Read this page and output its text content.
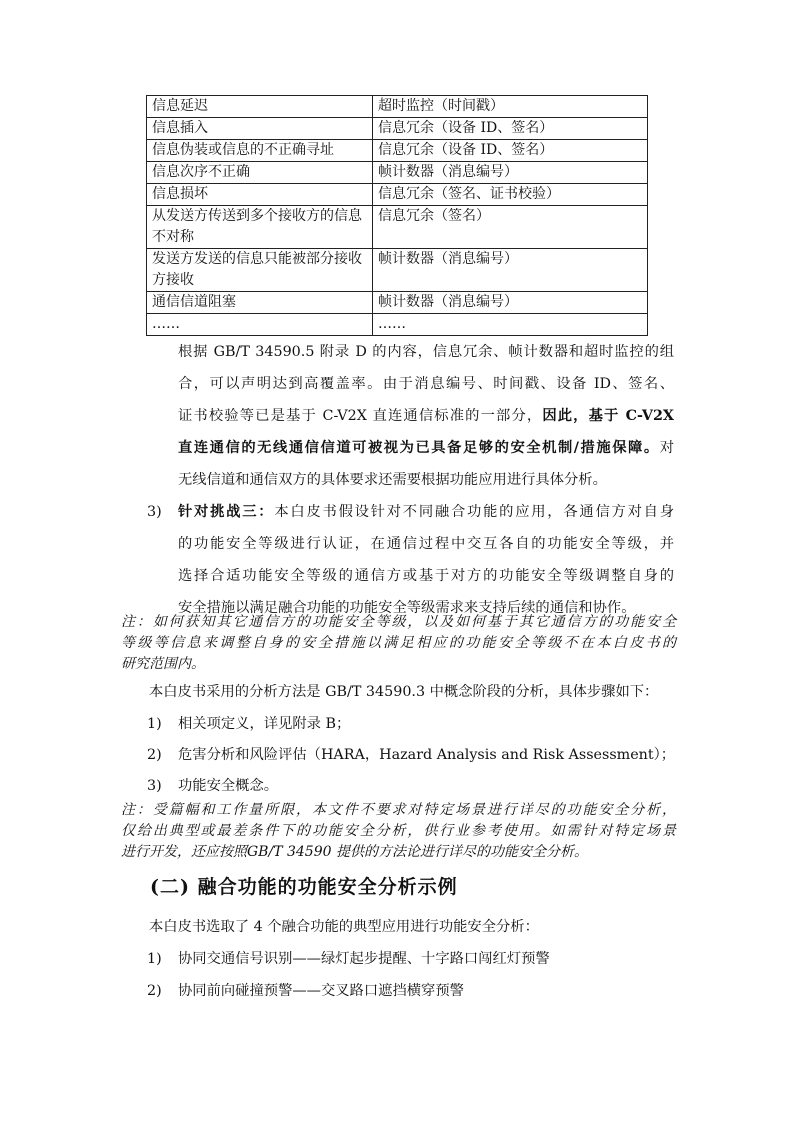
信息延迟	超时监控（时间戳）
信息插入	信息冗余（设备 ID、签名）
信息伪装或信息的不正确寻址	信息冗余（设备 ID、签名）
信息次序不正确	帧计数器（消息编号）
信息损坏	信息冗余（签名、证书校验）
从发送方传送到多个接收方的信息不对称	信息冗余（签名）
发送方发送的信息只能被部分接收方接收	帧计数器（消息编号）
通信信道阻塞	帧计数器（消息编号）
……	……
根据 GB/T 34590.5 附录 D 的内容，信息冗余、帧计数器和超时监控的组
合，可以声明达到高覆盖率。由于消息编号、时间戳、设备 ID、签名、
证书校验等已是基于 C-V2X 直连通信标准的一部分，因此，基于 C-V2X
直连通信的无线通信信道可被视为已具备足够的安全机制/措施保障。对
无线信道和通信双方的具体要求还需要根据功能应用进行具体分析。
3) 针对挑战三：本白皮书假设针对不同融合功能的应用，各通信方对自身
的功能安全等级进行认证，在通信过程中交互各自的功能安全等级，并
选择合适功能安全等级的通信方或基于对方的功能安全等级调整自身的
安全措施以满足融合功能的功能安全等级需求来支持后续的通信和协作。
注：如何获知其它通信方的功能安全等级，以及如何基于其它通信方的功能安全
等级等信息来调整自身的安全措施以满足相应的功能安全等级不在本白皮书的
研究范围内。
本白皮书采用的分析方法是 GB/T 34590.3 中概念阶段的分析，具体步骤如下：
1) 相关项定义，详见附录 B；
2) 危害分析和风险评估（HARA，Hazard Analysis and Risk Assessment）；
3) 功能安全概念。
注：受篇幅和工作量所限，本文件不要求对特定场景进行详尽的功能安全分析，
仅给出典型或最差条件下的功能安全分析，供行业参考使用。如需针对特定场景
进行开发，还应按照GB/T 34590 提供的方法论进行详尽的功能安全分析。
(二) 融合功能的功能安全分析示例
本白皮书选取了 4 个融合功能的典型应用进行功能安全分析：
1) 协同交通信号识别——绿灯起步提醒、十字路口闯红灯预警
2) 协同前向碰撞预警——交叉路口遮挡横穿预警
